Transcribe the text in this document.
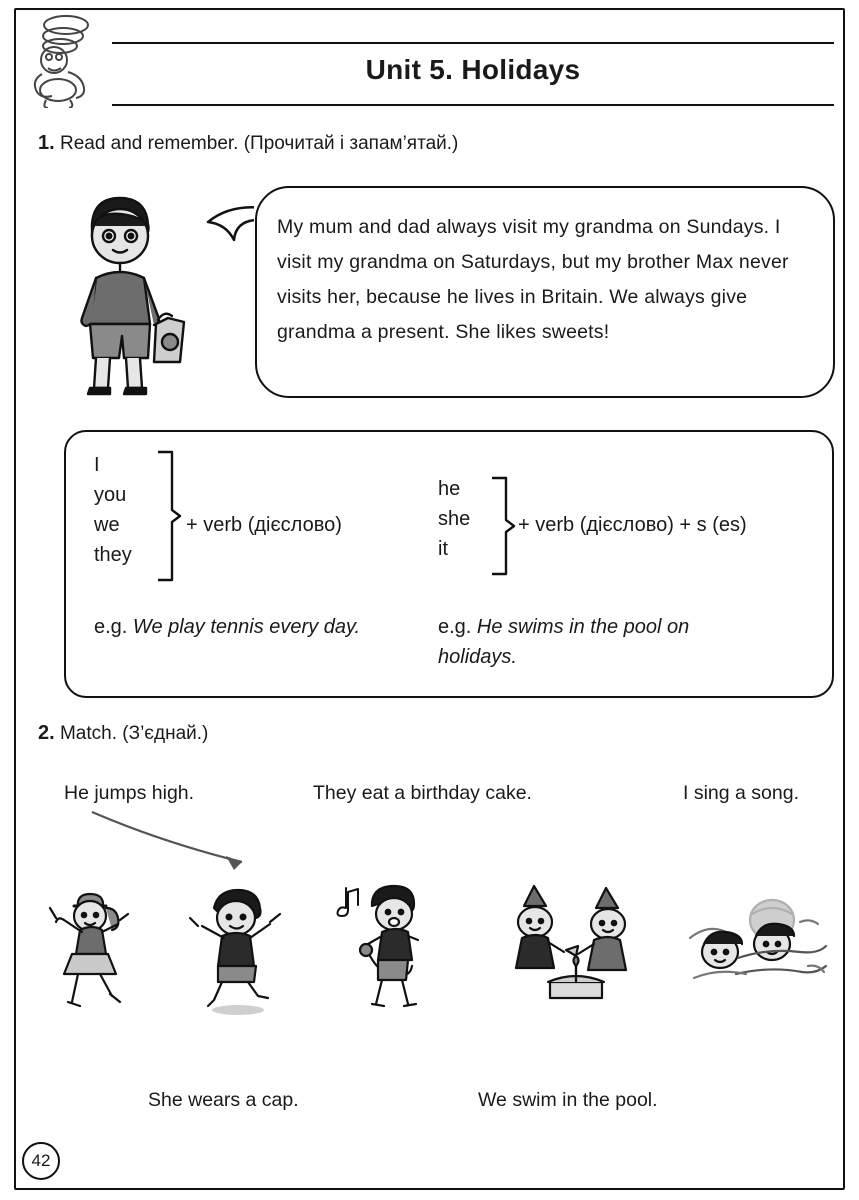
Unit 5. Holidays
1. Read and remember. (Прочитай і запам’ятай.)
My mum and dad always visit my grandma on Sundays. I visit my grandma on Saturdays, but my brother Max never visits her, because he lives in Britain. We always give grandma a present. She likes sweets!
I
you
we
they
+ verb (дієслово)
he
she
it
+ verb (дієслово) + s (es)
e.g. We play tennis every day.	e.g. He swims in the pool on holidays.
2. Match. (З’єднай.)
He jumps high.	They eat a birthday cake.	I sing a song.
She wears a cap.	We swim in the pool.
42
